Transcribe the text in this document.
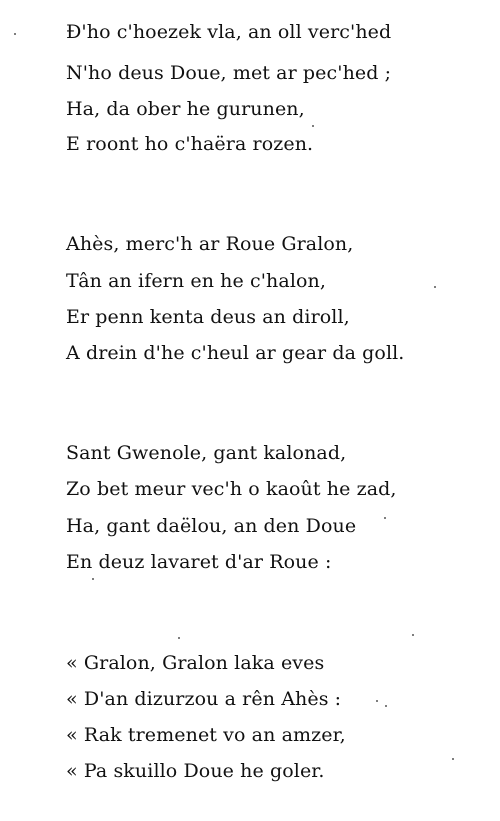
Ð'ho c'hoezek vla, an oll verc'hed
N'ho deus Doue, met ar pec'hed ;
Ha, da ober he gurunen,
E roont ho c'haëra rozen.
Ahès, merc'h ar Roue Gralon,
Tân an ifern en he c'halon,
Er penn kenta deus an diroll,
A drein d'he c'heul ar gear da goll.
Sant Gwenole, gant kalonad,
Zo bet meur vec'h o kaoût he zad,
Ha, gant daëlou, an den Doue
En deuz lavaret d'ar Roue :
« Gralon, Gralon laka eves
« D'an dizurzou a rên Ahès :
« Rak tremenet vo an amzer,
« Pa skuillo Doue he goler.
